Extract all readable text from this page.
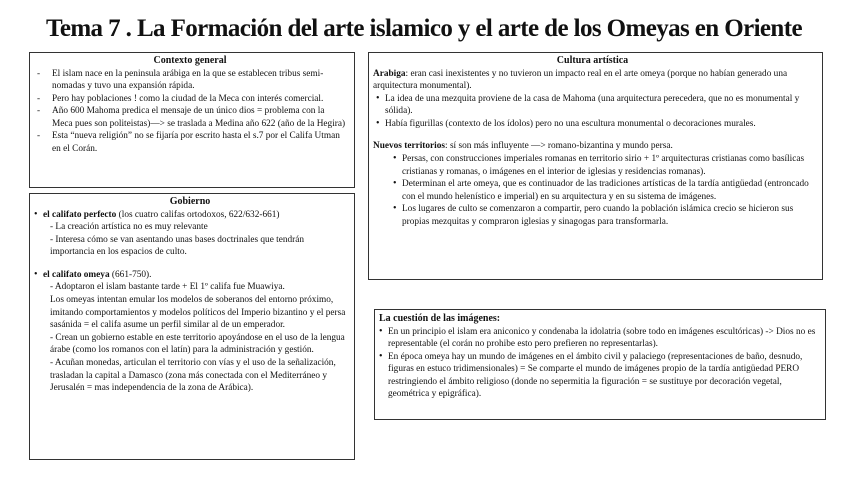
Tema 7 . La Formación del arte islamico y el arte de los Omeyas en Oriente
Contexto general
- El islam nace en la peninsula arábiga en la que se establecen tribus semi-nomadas y tuvo una expansión rápida.
- Pero hay poblaciones ! como la ciudad de la Meca con interés comercial.
- Año 600 Mahoma predica el mensaje de un único dios = problema con la Meca pues son politeistas)—> se traslada a Medina año 622 (año de la Hegira)
- Esta “nueva religión” no se fijaría por escrito hasta el s.7 por el Califa Utman en el Corán.
Gobierno
• el califato perfecto (los cuatro califas ortodoxos, 622/632-661)
- La creación artística no es muy relevante
- Interesa cómo se van asentando unas bases doctrinales que tendrán importancia en los espacios de culto.
• el califato omeya (661-750).
- Adoptaron el islam bastante tarde + El 1º califa fue Muawiya.
Los omeyas intentan emular los modelos de soberanos del entorno próximo, imitando comportamientos y modelos políticos del Imperio bizantino y el persa sasánida = el califa asume un perfil similar al de un emperador.
- Crean un gobierno estable en este territorio apoyándose en el uso de la lengua árabe (como los romanos con el latín) para la administración y gestión.
- Acuñan monedas, articulan el territorio con vías y el uso de la señalización, trasladan la capital a Damasco (zona más conectada con el Mediterráneo y Jerusalén = mas independencia de la zona de Arábica).
Cultura artística
Arabiga: eran casi inexistentes y no tuvieron un impacto real en el arte omeya (porque no habían generado una arquitectura monumental).
• La idea de una mezquita proviene de la casa de Mahoma (una arquitectura perecedera, que no es monumental y sólida).
• Había figurillas (contexto de los ídolos) pero no una escultura monumental o decoraciones murales.
Nuevos territorios: sí son más influyente —> romano-bizantina y mundo persa.
• Persas, con construcciones imperiales romanas en territorio sirio + 1º arquitecturas cristianas como basílicas cristianas y romanas, o imágenes en el interior de iglesias y residencias romanas).
• Determinan el arte omeya, que es continuador de las tradiciones artísticas de la tardía antigüedad (entroncado con el mundo helenístico e imperial) en su arquitectura y en su sistema de imágenes.
• Los lugares de culto se comenzaron a compartir, pero cuando la población islámica crecio se hicieron sus propias mezquitas y compraron iglesias y sinagogas para transformarla.
La cuestión de las imágenes:
• En un principio el islam era aniconico y condenaba la idolatria (sobre todo en imágenes escultóricas) -> Dios no es representable (el corán no prohibe esto pero prefieren no representarlas).
• En época omeya hay un mundo de imágenes en el ámbito civil y palaciego (representaciones de baño, desnudo, figuras en estuco tridimensionales) = Se comparte el mundo de imágenes propio de la tardía antigüedad PERO restringiendo el ámbito religioso (donde no sepermitia la figuración = se sustituye por decoración vegetal, geométrica y epigráfica).
